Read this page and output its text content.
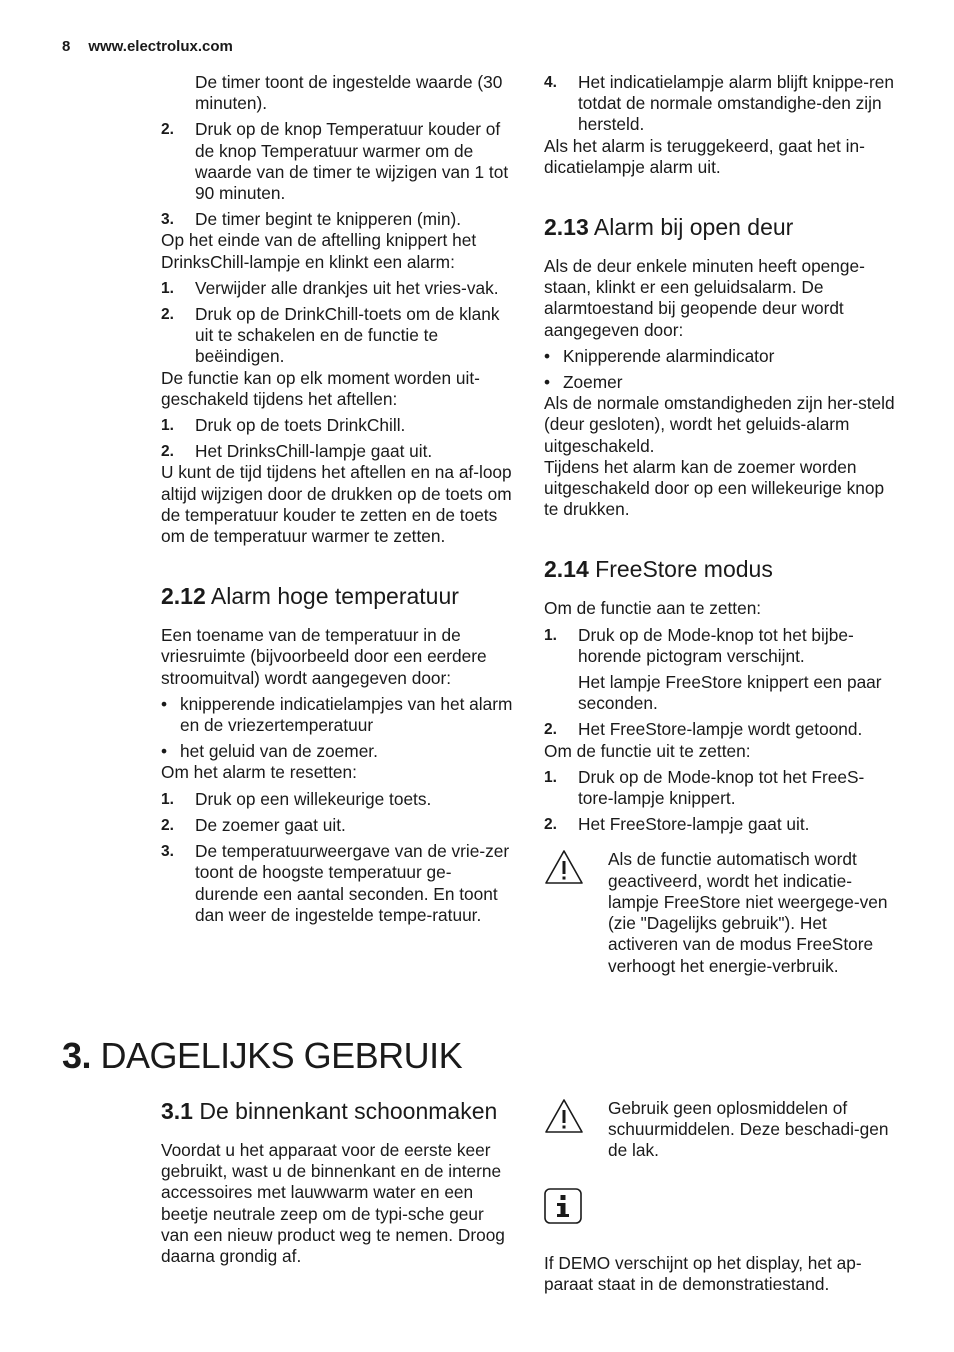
8 www.electrolux.com

De timer toont de ingestelde waarde (30 minuten).

2.	Druk op de knop Temperatuur kouder of de knop Temperatuur warmer om de waarde van de timer te wijzigen van 1 tot 90 minuten.
3.	De timer begint te knipperen (min).

Op het einde van de aftelling knippert het DrinksChill-lampje en klinkt een alarm:

1.	Verwijder alle drankjes uit het vries-vak.
2.	Druk op de DrinkChill-toets om de klank uit te schakelen en de functie te beëindigen.

De functie kan op elk moment worden uit-geschakeld tijdens het aftellen:

1.	Druk op de toets DrinkChill.
2.	Het DrinksChill-lampje gaat uit.

U kunt de tijd tijdens het aftellen en na af-loop altijd wijzigen door de drukken op de toets om de temperatuur kouder te zetten en de toets om de temperatuur warmer te zetten.

2.12 Alarm hoge temperatuur

Een toename van de temperatuur in de vriesruimte (bijvoorbeeld door een eerdere stroomuitval) wordt aangegeven door:

• knipperende indicatielampjes van het alarm en de vriezertemperatuur
• het geluid van de zoemer.

Om het alarm te resetten:

1.	Druk op een willekeurige toets.
2.	De zoemer gaat uit.
3.	De temperatuurweergave van de vrie-zer toont de hoogste temperatuur ge-durende een aantal seconden. En toont dan weer de ingestelde tempe-ratuur.
4.	Het indicatielampje alarm blijft knippe-ren totdat de normale omstandighe-den zijn hersteld.

Als het alarm is teruggekeerd, gaat het in-dicatielampje alarm uit.

2.13 Alarm bij open deur

Als de deur enkele minuten heeft openge-staan, klinkt er een geluidsalarm. De alarmtoestand bij geopende deur wordt aangegeven door:

• Knipperende alarmindicator
• Zoemer

Als de normale omstandigheden zijn her-steld (deur gesloten), wordt het geluids-alarm uitgeschakeld.

Tijdens het alarm kan de zoemer worden uitgeschakeld door op een willekeurige knop te drukken.

2.14 FreeStore modus

Om de functie aan te zetten:

1.	Druk op de Mode-knop tot het bijbe-horende pictogram verschijnt.

Het lampje FreeStore knippert een paar seconden.

2.	Het FreeStore-lampje wordt getoond.

Om de functie uit te zetten:

1.	Druk op de Mode-knop tot het FreeS-tore-lampje knippert.
2.	Het FreeStore-lampje gaat uit.
Als de functie automatisch wordt geactiveerd, wordt het indicatie-lampje FreeStore niet weergege-ven (zie "Dagelijks gebruik"). Het activeren van de modus FreeStore verhoogt het energie-verbruik.
3. DAGELIJKS GEBRUIK
3.1 De binnenkant schoonmaken

Voordat u het apparaat voor de eerste keer gebruikt, wast u de binnenkant en de interne accessoires met lauwwarm water en een beetje neutrale zeep om de typi-sche geur van een nieuw product weg te nemen. Droog daarna grondig af.

Gebruik geen oplosmiddelen of schuurmiddelen. Deze beschadi-gen de lak.

If DEMO verschijnt op het display, het ap-paraat staat in de demonstratiestand.
